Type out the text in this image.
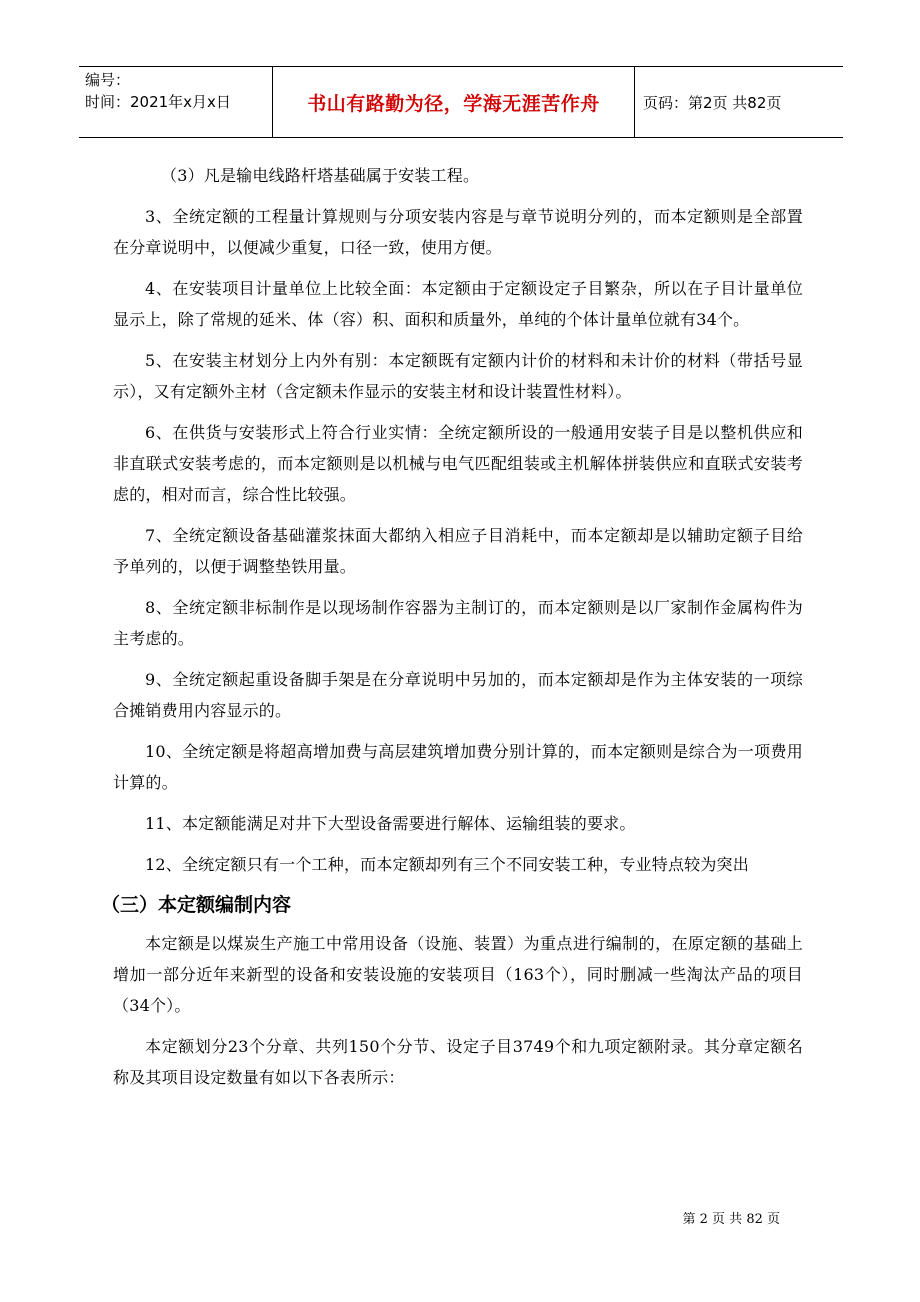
编号：
时间：2021年x月x日	书山有路勤为径，学海无涯苦作舟	页码：第2页 共82页

（3）凡是输电线路杆塔基础属于安装工程。

3、全统定额的工程量计算规则与分项安装内容是与章节说明分列的，而本定额则是全部置在分章说明中，以便减少重复，口径一致，使用方便。

4、在安装项目计量单位上比较全面：本定额由于定额设定子目繁杂，所以在子目计量单位显示上，除了常规的延米、体（容）积、面积和质量外，单纯的个体计量单位就有34个。

5、在安装主材划分上内外有别：本定额既有定额内计价的材料和未计价的材料（带括号显示），又有定额外主材（含定额未作显示的安装主材和设计装置性材料）。

6、在供货与安装形式上符合行业实情：全统定额所设的一般通用安装子目是以整机供应和非直联式安装考虑的，而本定额则是以机械与电气匹配组装或主机解体拼装供应和直联式安装考虑的，相对而言，综合性比较强。

7、全统定额设备基础灌浆抹面大都纳入相应子目消耗中，而本定额却是以辅助定额子目给予单列的，以便于调整垫铁用量。

8、全统定额非标制作是以现场制作容器为主制订的，而本定额则是以厂家制作金属构件为主考虑的。

9、全统定额起重设备脚手架是在分章说明中另加的，而本定额却是作为主体安装的一项综合摊销费用内容显示的。

10、全统定额是将超高增加费与高层建筑增加费分别计算的，而本定额则是综合为一项费用计算的。

11、本定额能满足对井下大型设备需要进行解体、运输组装的要求。

12、全统定额只有一个工种，而本定额却列有三个不同安装工种，专业特点较为突出

（三）本定额编制内容

本定额是以煤炭生产施工中常用设备（设施、装置）为重点进行编制的，在原定额的基础上增加一部分近年来新型的设备和安装设施的安装项目（163个），同时删减一些淘汰产品的项目（34个）。

本定额划分23个分章、共列150个分节、设定子目3749个和九项定额附录。其分章定额名称及其项目设定数量有如以下各表所示：

第 2 页 共 82 页
